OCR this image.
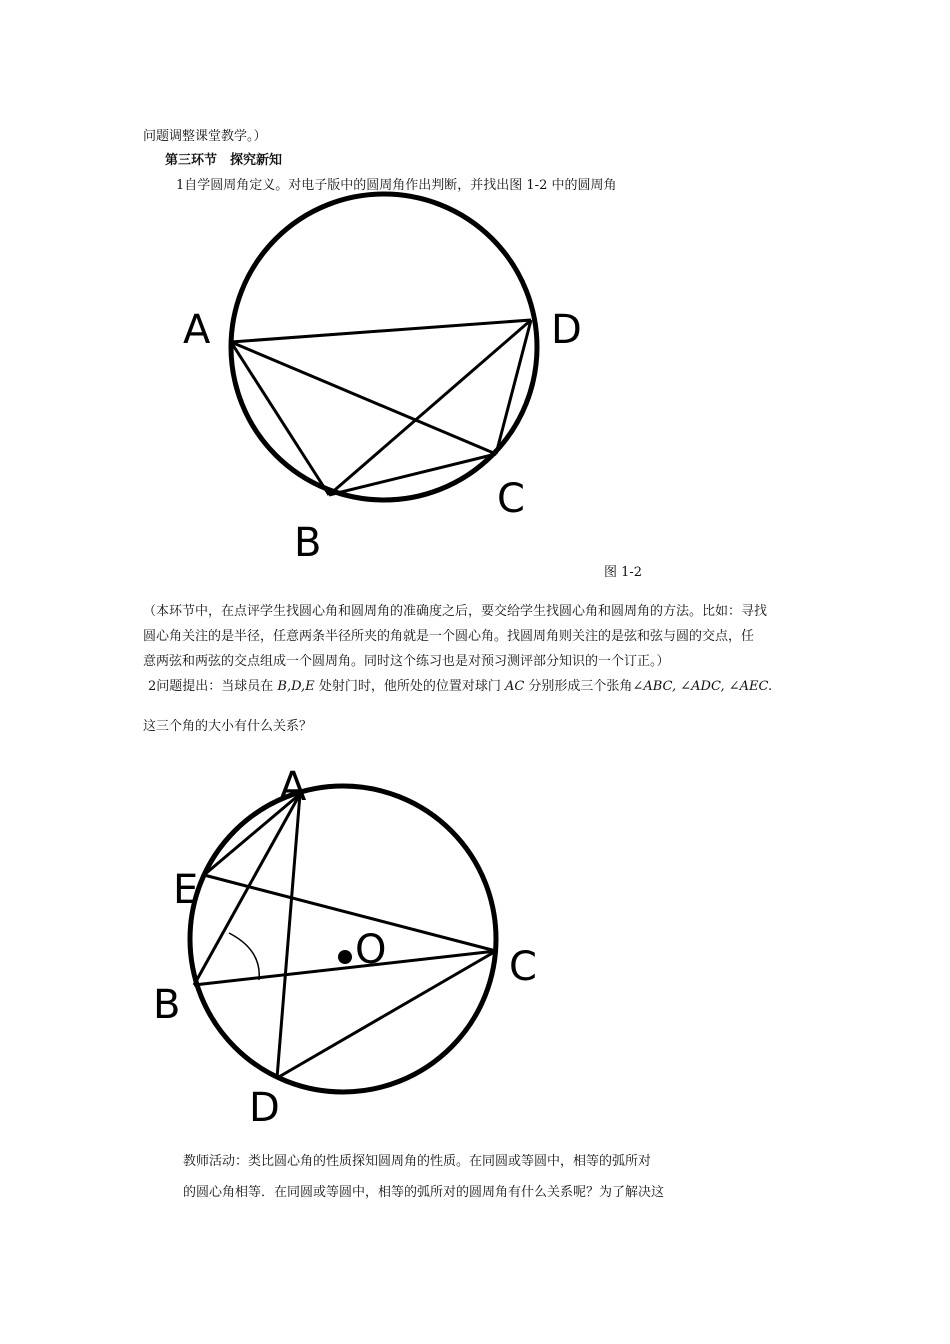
问题调整课堂教学。）
第三环节　探究新知
1自学圆周角定义。对电子版中的圆周角作出判断，并找出图 1-2 中的圆周角
A	D
C
B
图 1-2
（本环节中，在点评学生找圆心角和圆周角的准确度之后，要交给学生找圆心角和圆周角的方法。比如：寻找
圆心角关注的是半径，任意两条半径所夹的角就是一个圆心角。找圆周角则关注的是弦和弦与圆的交点，任
意两弦和两弦的交点组成一个圆周角。同时这个练习也是对预习测评部分知识的一个订正。）
2问题提出：当球员在 B,D,E 处射门时，他所处的位置对球门 AC 分别形成三个张角∠ABC, ∠ADC, ∠AEC.
这三个角的大小有什么关系？
A
E
O	C
B
D
教师活动：类比圆心角的性质探知圆周角的性质。在同圆或等圆中，相等的弧所对
的圆心角相等．在同圆或等圆中，相等的弧所对的圆周角有什么关系呢？为了解决这
